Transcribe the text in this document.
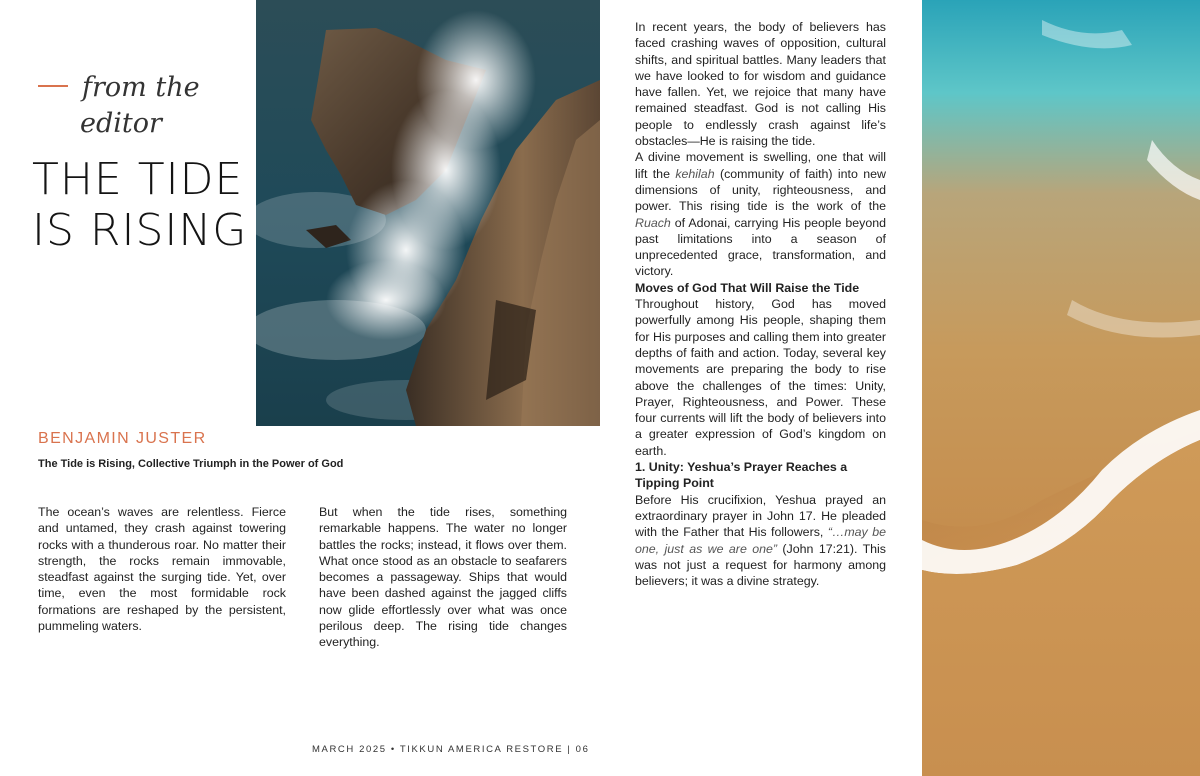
from the
editor
THE TIDE
IS RISING
BENJAMIN JUSTER
The Tide is Rising, Collective Triumph in the Power of God

The ocean’s waves are relentless. Fierce and untamed, they crash against towering rocks with a thunderous roar. No matter their strength, the rocks remain immovable, steadfast against the surging tide. Yet, over time, even the most formidable rock formations are reshaped by the persistent, pummeling waters.

But when the tide rises, something remarkable happens. The water no longer battles the rocks; instead, it flows over them. What once stood as an obstacle to seafarers becomes a passageway. Ships that would have been dashed against the jagged cliffs now glide effortlessly over what was once perilous deep. The rising tide changes everything.

In recent years, the body of believers has faced crashing waves of opposition, cultural shifts, and spiritual battles. Many leaders that we have looked to for wisdom and guidance have fallen. Yet, we rejoice that many have remained steadfast. God is not calling His people to endlessly crash against life’s obstacles—He is raising the tide.

A divine movement is swelling, one that will lift the kehilah (community of faith) into new dimensions of unity, righteousness, and power. This rising tide is the work of the Ruach of Adonai, carrying His people beyond past limitations into a season of unprecedented grace, transformation, and victory.

Moves of God That Will Raise the Tide

Throughout history, God has moved powerfully among His people, shaping them for His purposes and calling them into greater depths of faith and action. Today, several key movements are preparing the body to rise above the challenges of the times: Unity, Prayer, Righteousness, and Power. These four currents will lift the body of believers into a greater expression of God’s kingdom on earth.

1. Unity: Yeshua’s Prayer Reaches a Tipping Point

Before His crucifixion, Yeshua prayed an extraordinary prayer in John 17. He pleaded with the Father that His followers, “…may be one, just as we are one” (John 17:21). This was not just a request for harmony among believers; it was a divine strategy.

MARCH 2025 • TIKKUN AMERICA RESTORE | 06
